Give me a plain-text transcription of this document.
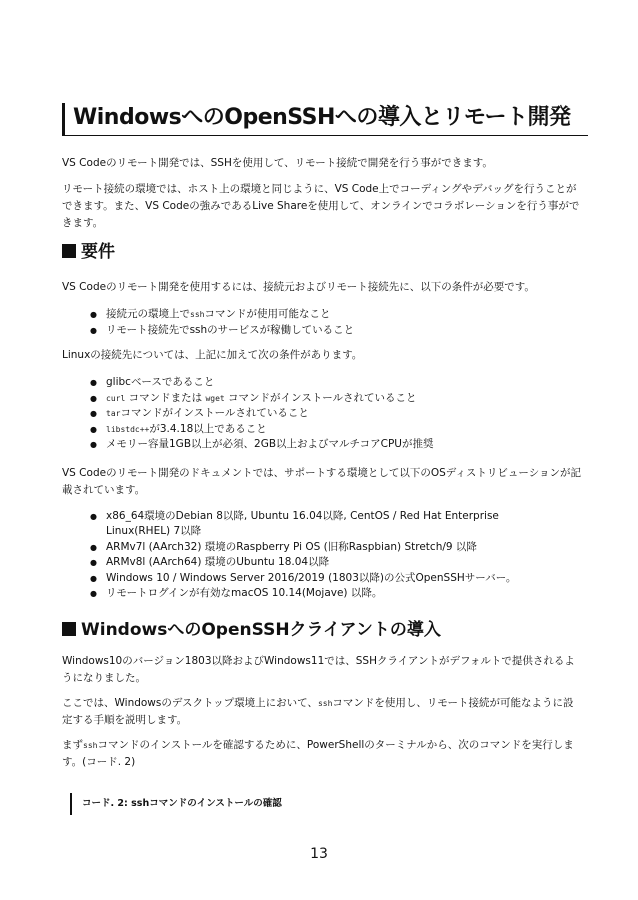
WindowsへのOpenSSHへの導入とリモート開発
VS Codeのリモート開発では、SSHを使用して、リモート接続で開発を行う事ができます。
リモート接続の環境では、ホスト上の環境と同じように、VS Code上でコーディングやデバッグを行うことができます。また、VS Codeの強みであるLive Shareを使用して、オンラインでコラボレーションを行う事ができます。
要件
VS Codeのリモート開発を使用するには、接続元およびリモート接続先に、以下の条件が必要です。
● 接続元の環境上でsshコマンドが使用可能なこと
● リモート接続先でsshのサービスが稼働していること
Linuxの接続先については、上記に加えて次の条件があります。
● glibcベースであること
● curl コマンドまたは wget コマンドがインストールされていること
● tarコマンドがインストールされていること
● libstdc++が3.4.18以上であること
● メモリー容量1GB以上が必須、2GB以上およびマルチコアCPUが推奨
VS Codeのリモート開発のドキュメントでは、サポートする環境として以下のOSディストリビューションが記載されています。
● x86_64環境のDebian 8以降, Ubuntu 16.04以降, CentOS / Red Hat Enterprise Linux(RHEL) 7以降
● ARMv7l (AArch32) 環境のRaspberry Pi OS (旧称Raspbian) Stretch/9 以降
● ARMv8l (AArch64) 環境のUbuntu 18.04以降
● Windows 10 / Windows Server 2016/2019 (1803以降)の公式OpenSSHサーバー。
● リモートログインが有効なmacOS 10.14(Mojave) 以降。
WindowsへのOpenSSHクライアントの導入
Windows10のバージョン1803以降およびWindows11では、SSHクライアントがデフォルトで提供されるようになりました。
ここでは、Windowsのデスクトップ環境上において、sshコマンドを使用し、リモート接続が可能なように設定する手順を説明します。
まずsshコマンドのインストールを確認するために、PowerShellのターミナルから、次のコマンドを実行します。(コード. 2)
コード. 2: sshコマンドのインストールの確認
13
